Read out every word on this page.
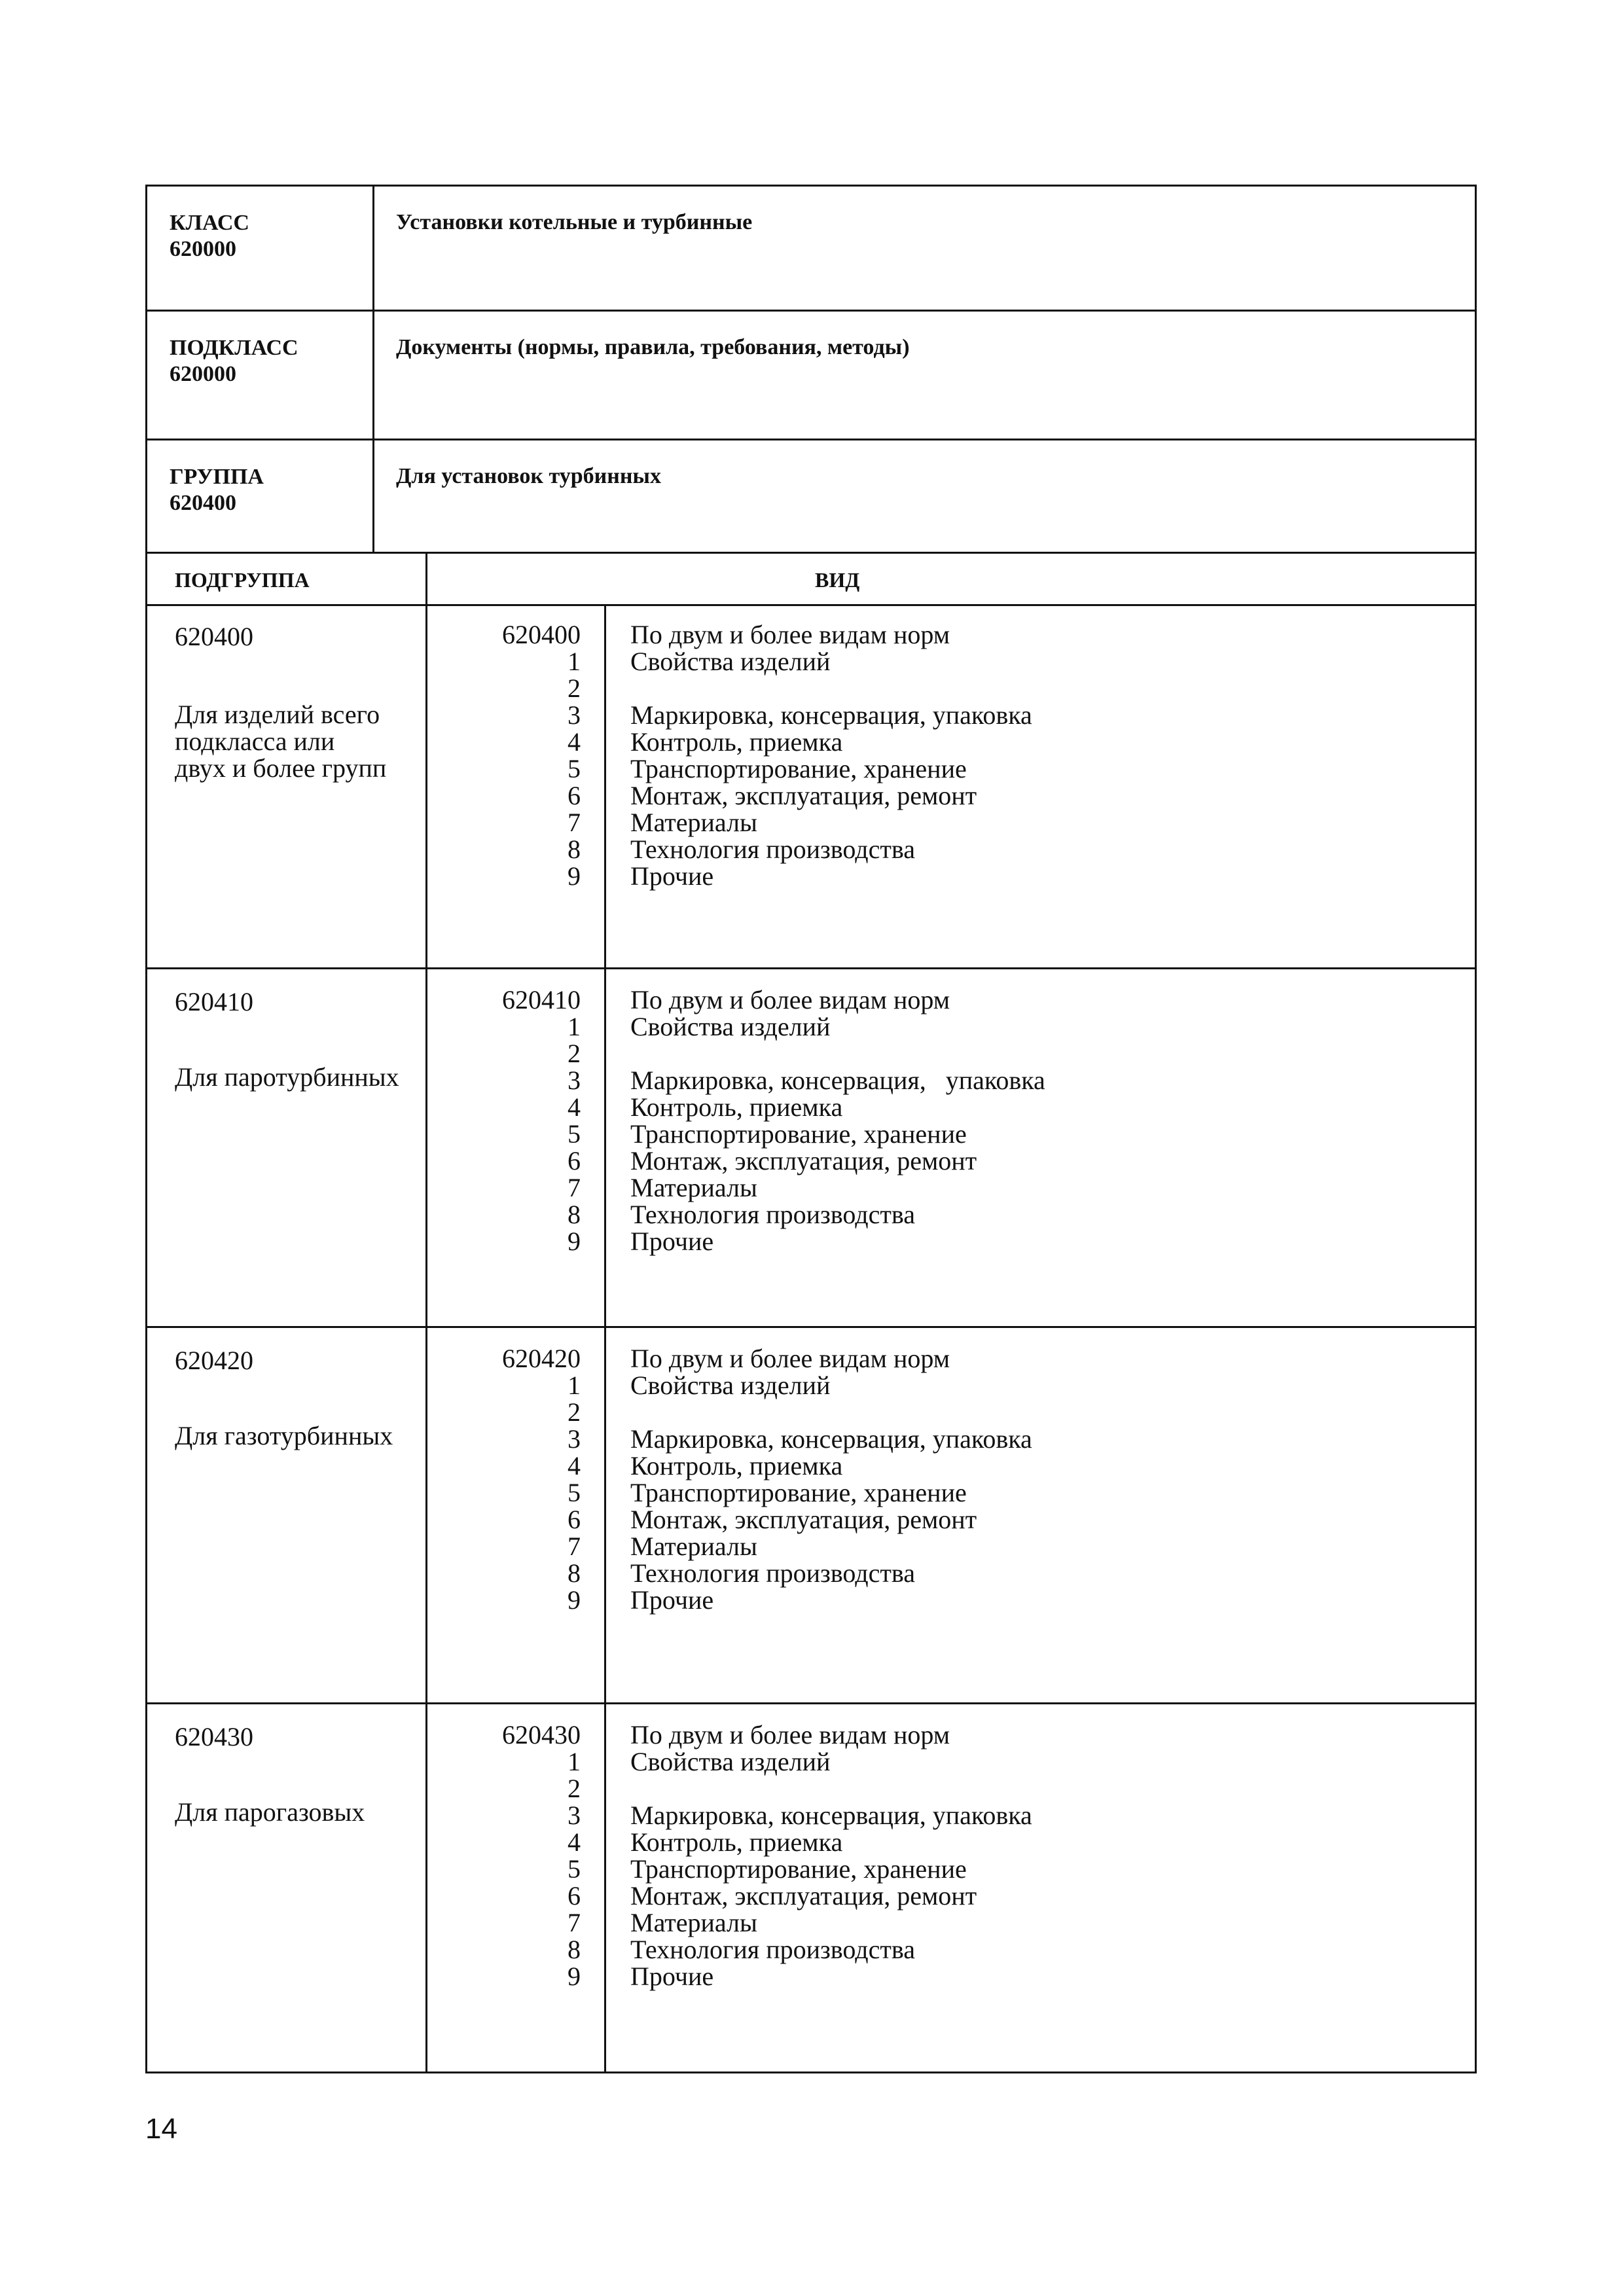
КЛАСС
620000
Установки котельные и турбинные
ПОДКЛАСС
620000
Документы (нормы, правила, требования, методы)
ГРУППА
620400
Для установок турбинных
ПОДГРУППА	ВИД
620400
Для изделий всего
подкласса или
двух и более групп
620400
1
2
3
4
5
6
7
8
9
По двум и более видам норм
Свойства изделий
Маркировка, консервация, упаковка
Контроль, приемка
Транспортирование, хранение
Монтаж, эксплуатация, ремонт
Материалы
Технология производства
Прочие
620410
Для паротурбинных
620410
1
2
3
4
5
6
7
8
9
По двум и более видам норм
Свойства изделий
Маркировка, консервация,   упаковка
Контроль, приемка
Транспортирование, хранение
Монтаж, эксплуатация, ремонт
Материалы
Технология производства
Прочие
620420
Для газотурбинных
620420
1
2
3
4
5
6
7
8
9
По двум и более видам норм
Свойства изделий
Маркировка, консервация, упаковка
Контроль, приемка
Транспортирование, хранение
Монтаж, эксплуатация, ремонт
Материалы
Технология производства
Прочие
620430
Для парогазовых
620430
1
2
3
4
5
6
7
8
9
По двум и более видам норм
Свойства изделий
Маркировка, консервация, упаковка
Контроль, приемка
Транспортирование, хранение
Монтаж, эксплуатация, ремонт
Материалы
Технология производства
Прочие
14
